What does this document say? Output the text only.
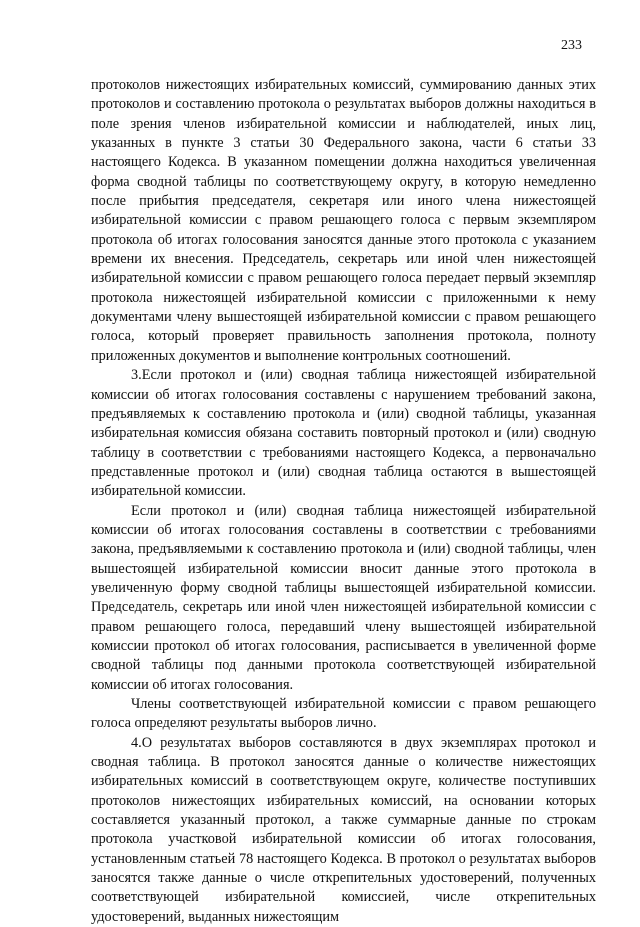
233

протоколов нижестоящих избирательных комиссий, суммированию данных этих протоколов и составлению протокола о результатах выборов должны находиться в поле зрения членов избирательной комиссии и наблюдателей, иных лиц, указанных в пункте 3 статьи 30 Федерального закона, части 6 статьи 33 настоящего Кодекса. В указанном помещении должна находиться увеличенная форма сводной таблицы по соответствующему округу, в которую немедленно после прибытия председателя, секретаря или иного члена нижестоящей избирательной комиссии с правом решающего голоса с первым экземпляром протокола об итогах голосования заносятся данные этого протокола с указанием времени их внесения. Председатель, секретарь или иной член нижестоящей избирательной комиссии с правом решающего голоса передает первый экземпляр протокола нижестоящей избирательной комиссии с приложенными к нему документами члену вышестоящей избирательной комиссии с правом решающего голоса, который проверяет правильность заполнения протокола, полноту приложенных документов и выполнение контрольных соотношений.

3.Если протокол и (или) сводная таблица нижестоящей избирательной комиссии об итогах голосования составлены с нарушением требований закона, предъявляемых к составлению протокола и (или) сводной таблицы, указанная избирательная комиссия обязана составить повторный протокол и (или) сводную таблицу в соответствии с требованиями настоящего Кодекса, а первоначально представленные протокол и (или) сводная таблица остаются в вышестоящей избирательной комиссии.

Если протокол и (или) сводная таблица нижестоящей избирательной комиссии об итогах голосования составлены в соответствии с требованиями закона, предъявляемыми к составлению протокола и (или) сводной таблицы, член вышестоящей избирательной комиссии вносит данные этого протокола в увеличенную форму сводной таблицы вышестоящей избирательной комиссии. Председатель, секретарь или иной член нижестоящей избирательной комиссии с правом решающего голоса, передавший члену вышестоящей избирательной комиссии протокол об итогах голосования, расписывается в увеличенной форме сводной таблицы под данными протокола соответствующей избирательной комиссии об итогах голосования.

Члены соответствующей избирательной комиссии с правом решающего голоса определяют результаты выборов лично.

4.О результатах выборов составляются в двух экземплярах протокол и сводная таблица. В протокол заносятся данные о количестве нижестоящих избирательных комиссий в соответствующем округе, количестве поступивших протоколов нижестоящих избирательных комиссий, на основании которых составляется указанный протокол, а также суммарные данные по строкам протокола участковой избирательной комиссии об итогах голосования, установленным статьей 78 настоящего Кодекса. В протокол о результатах выборов заносятся также данные о числе открепительных удостоверений, полученных соответствующей избирательной комиссией, числе открепительных удостоверений, выданных нижестоящим
